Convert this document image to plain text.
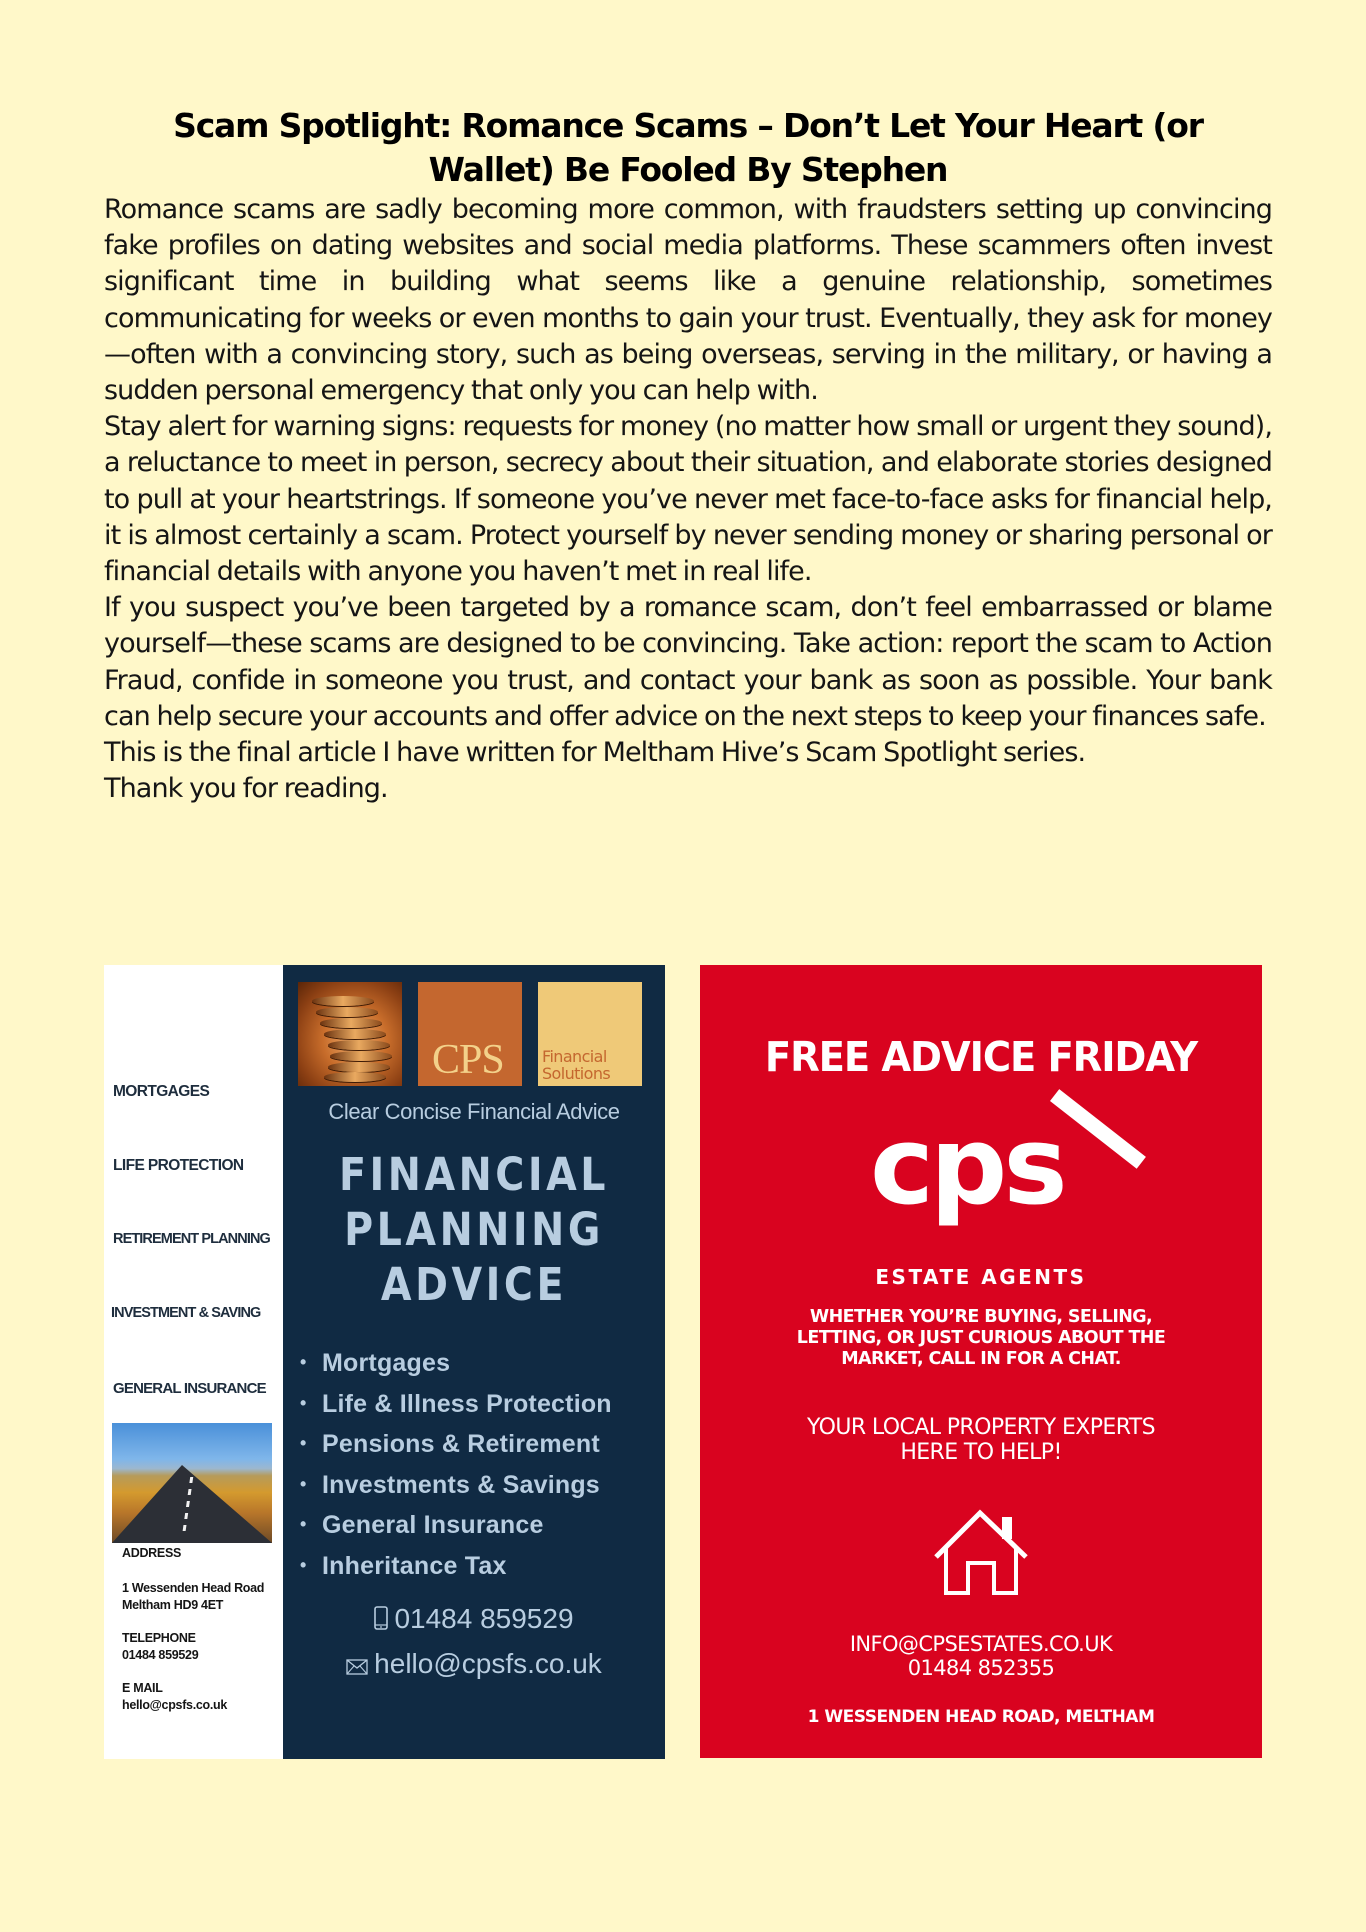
Scam Spotlight: Romance Scams – Don’t Let Your Heart (or Wallet) Be Fooled By Stephen

Romance scams are sadly becoming more common, with fraudsters setting up convincing fake profiles on dating websites and social media platforms. These scammers often invest significant time in building what seems like a genuine relationship, sometimes communicating for weeks or even months to gain your trust. Eventually, they ask for money—often with a convincing story, such as being overseas, serving in the military, or having a sudden personal emergency that only you can help with.

Stay alert for warning signs: requests for money (no matter how small or urgent they sound), a reluctance to meet in person, secrecy about their situation, and elaborate stories designed to pull at your heartstrings. If someone you’ve never met face-to-face asks for financial help, it is almost certainly a scam. Protect yourself by never sending money or sharing personal or financial details with anyone you haven’t met in real life.

If you suspect you’ve been targeted by a romance scam, don’t feel embarrassed or blame yourself—these scams are designed to be convincing. Take action: report the scam to Action Fraud, confide in someone you trust, and contact your bank as soon as possible. Your bank can help secure your accounts and offer advice on the next steps to keep your finances safe.

This is the final article I have written for Meltham Hive’s Scam Spotlight series.

Thank you for reading.

MORTGAGES
LIFE PROTECTION
RETIREMENT PLANNING
INVESTMENT & SAVING
GENERAL INSURANCE
ADDRESS
1 Wessenden Head Road
Meltham HD9 4ET
TELEPHONE
01484 859529
E MAIL
hello@cpsfs.co.uk
CPS Financial
Solutions
Clear Concise Financial Advice
FINANCIAL
PLANNING
ADVICE
• Mortgages
• Life & Illness Protection
• Pensions & Retirement
• Investments & Savings
• General Insurance
• Inheritance Tax
01484 859529
hello@cpsfs.co.uk
FREE ADVICE FRIDAY
cps
ESTATE AGENTS
WHETHER YOU’RE BUYING, SELLING,
LETTING, OR JUST CURIOUS ABOUT THE
MARKET, CALL IN FOR A CHAT.
YOUR LOCAL PROPERTY EXPERTS
HERE TO HELP!
INFO@CPSESTATES.CO.UK
01484 852355
1 WESSENDEN HEAD ROAD, MELTHAM
